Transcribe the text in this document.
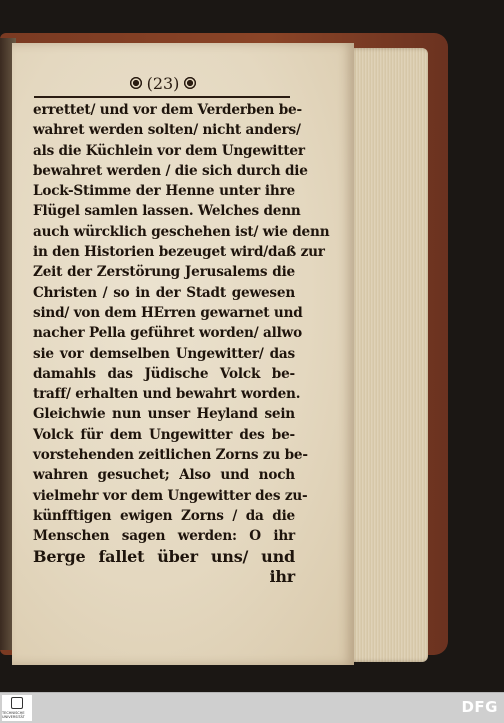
(23)
errettet/ und vor dem Verderben be-
wahret werden solten/ nicht anders/
als die Küchlein vor dem Ungewitter
bewahret werden / die sich durch die
Lock-Stimme der Henne unter ihre
Flügel samlen lassen. Welches denn
auch würcklich geschehen ist/ wie denn
in den Historien bezeuget wird/daß zur
Zeit der Zerstörung Jerusalems die
Christen / so in der Stadt gewesen
sind/ von dem HErren gewarnet und
nacher Pella geführet worden/ allwo
sie vor demselben Ungewitter/ das
damahls das Jüdische Volck be-
traff/ erhalten und bewahrt worden.
Gleichwie nun unser Heyland sein
Volck für dem Ungewitter des be-
vorstehenden zeitlichen Zorns zu be-
wahren gesuchet; Also und noch
vielmehr vor dem Ungewitter des zu-
künfftigen ewigen Zorns / da die
Menschen sagen werden: O ihr
Berge fallet über uns/ und
ihr
TECHNISCHE UNIVERSITÄT
DFG
